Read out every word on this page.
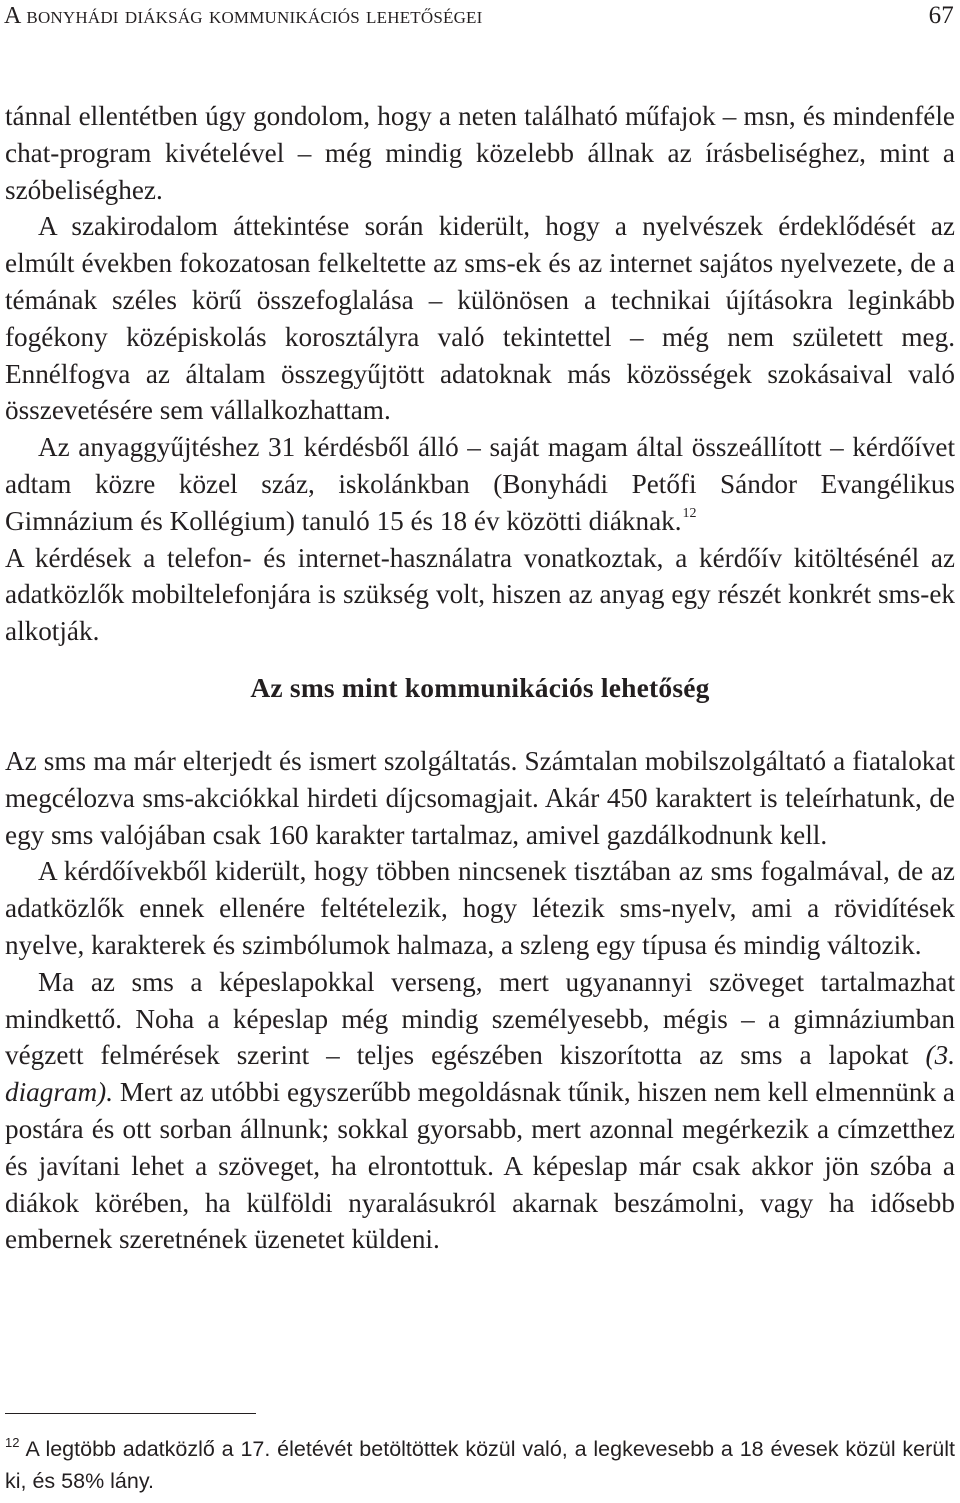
A bonyhádi diákság kommunikációs lehetőségei	67

tánnal ellentétben úgy gondolom, hogy a neten található műfajok – msn, és mindenféle chat-program kivételével – még mindig közelebb állnak az írásbeliséghez, mint a szóbeliséghez.

A szakirodalom áttekintése során kiderült, hogy a nyelvészek érdeklődését az elmúlt években fokozatosan felkeltette az sms-ek és az internet sajátos nyelvezete, de a témának széles körű összefoglalása – különösen a technikai újításokra leginkább fogékony középiskolás korosztályra való tekintettel – még nem született meg. Ennélfogva az általam összegyűjtött adatoknak más közösségek szokásaival való összevetésére sem vállalkozhattam.

Az anyaggyűjtéshez 31 kérdésből álló – saját magam által összeállított – kérdőívet adtam közre közel száz, iskolánkban (Bonyhádi Petőfi Sándor Evangélikus Gimnázium és Kollégium) tanuló 15 és 18 év közötti diáknak.$^{12}$

A kérdések a telefon- és internet-használatra vonatkoztak, a kérdőív kitöltésénél az adatközlők mobiltelefonjára is szükség volt, hiszen az anyag egy részét konkrét sms-ek alkotják.

Az sms mint kommunikációs lehetőség

Az sms ma már elterjedt és ismert szolgáltatás. Számtalan mobilszolgáltató a fiatalokat megcélozva sms-akciókkal hirdeti díjcsomagjait. Akár 450 karaktert is teleírhatunk, de egy sms valójában csak 160 karakter tartalmaz, amivel gazdálkodnunk kell.

A kérdőívekből kiderült, hogy többen nincsenek tisztában az sms fogalmával, de az adatközlők ennek ellenére feltételezik, hogy létezik sms-nyelv, ami a rövidítések nyelve, karakterek és szimbólumok halmaza, a szleng egy típusa és mindig változik.

Ma az sms a képeslapokkal verseng, mert ugyanannyi szöveget tartalmazhat mindkettő. Noha a képeslap még mindig személyesebb, mégis – a gimnáziumban végzett felmérések szerint – teljes egészében kiszorította az sms a lapokat (3. diagram). Mert az utóbbi egyszerűbb megoldásnak tűnik, hiszen nem kell elmennünk a postára és ott sorban állnunk; sokkal gyorsabb, mert azonnal megérkezik a címzetthez és javítani lehet a szöveget, ha elrontottuk. A képeslap már csak akkor jön szóba a diákok körében, ha külföldi nyaralásukról akarnak beszámolni, vagy ha idősebb embernek szeretnének üzenetet küldeni.

$^{12}$ A legtöbb adatközlő a 17. életévét betöltöttek közül való, a legkevesebb a 18 évesek közül került ki, és 58% lány.
